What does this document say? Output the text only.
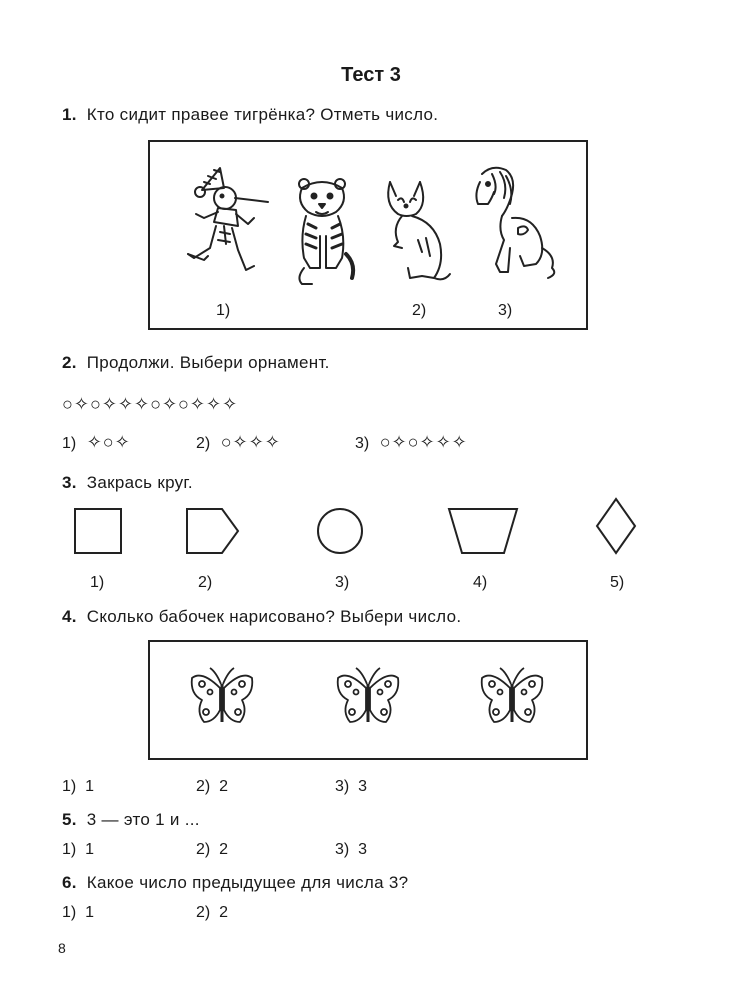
Тест 3
1. Кто сидит правее тигрёнка? Отметь число.
1)	2)	3)
2. Продолжи. Выбери орнамент.
○✧○✧✧✧○✧○✧✧✧
1) ✧○✧	2) ○✧✧✧	3) ○✧○✧✧✧
3. Закрась круг.
1)	2)	3)	4)	5)
4. Сколько бабочек нарисовано? Выбери число.
1) 1	2) 2	3) 3
5. 3 — это 1 и ...
1) 1	2) 2	3) 3
6. Какое число предыдущее для числа 3?
1) 1	2) 2
8
